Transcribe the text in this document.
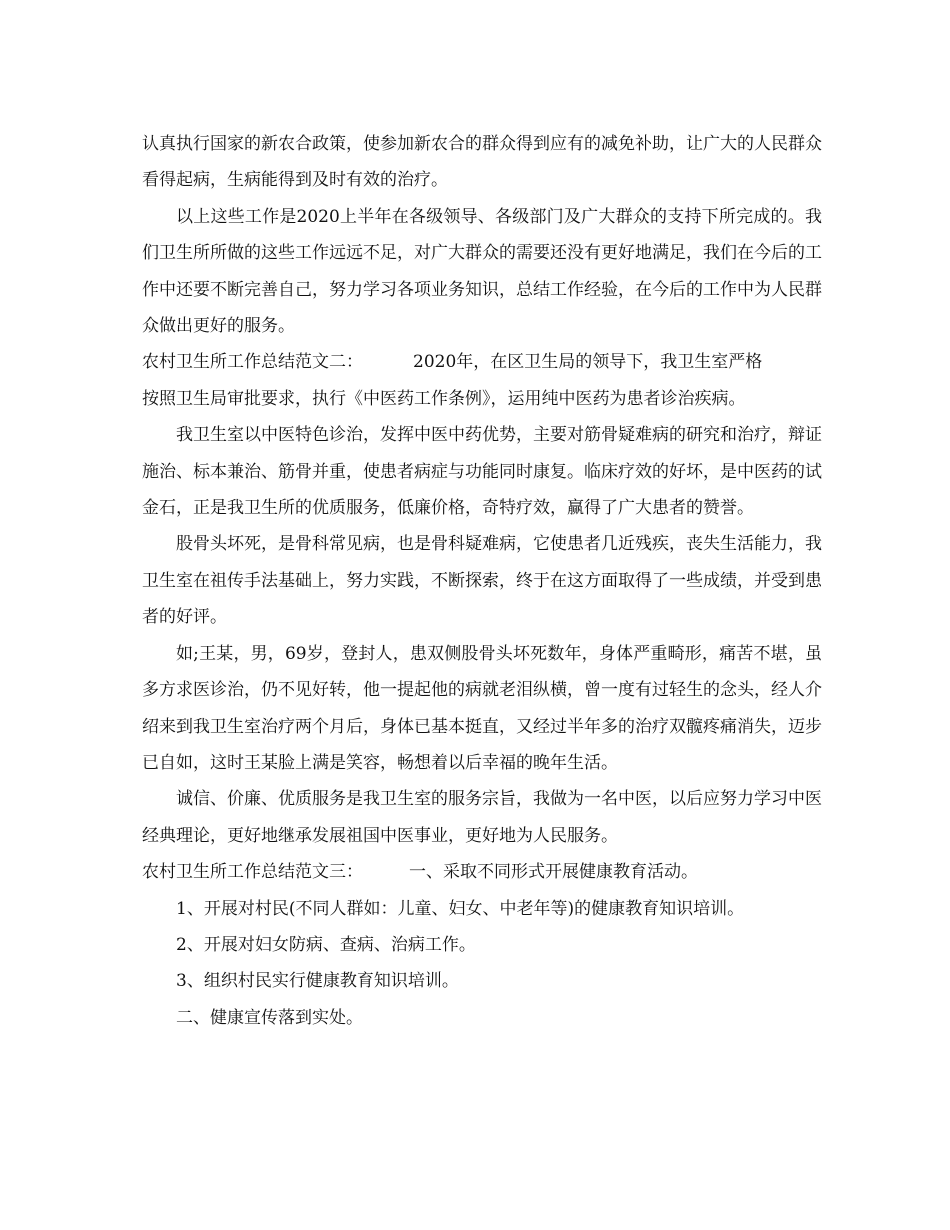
认真执行国家的新农合政策，使参加新农合的群众得到应有的减免补助，让广大的人民群众看得起病，生病能得到及时有效的治疗。

以上这些工作是2020上半年在各级领导、各级部门及广大群众的支持下所完成的。我们卫生所所做的这些工作远远不足，对广大群众的需要还没有更好地满足，我们在今后的工作中还要不断完善自己，努力学习各项业务知识，总结工作经验，在今后的工作中为人民群众做出更好的服务。

农村卫生所工作总结范文二：	2020年，在区卫生局的领导下，我卫生室严格

按照卫生局审批要求，执行《中医药工作条例》，运用纯中医药为患者诊治疾病。

我卫生室以中医特色诊治，发挥中医中药优势，主要对筋骨疑难病的研究和治疗，辩证施治、标本兼治、筋骨并重，使患者病症与功能同时康复。临床疗效的好坏，是中医药的试金石，正是我卫生所的优质服务，低廉价格，奇特疗效，赢得了广大患者的赞誉。

股骨头坏死，是骨科常见病，也是骨科疑难病，它使患者几近残疾，丧失生活能力，我卫生室在祖传手法基础上，努力实践，不断探索，终于在这方面取得了一些成绩，并受到患者的好评。

如;王某，男，69岁，登封人，患双侧股骨头坏死数年，身体严重畸形，痛苦不堪，虽多方求医诊治，仍不见好转，他一提起他的病就老泪纵横，曾一度有过轻生的念头，经人介绍来到我卫生室治疗两个月后，身体已基本挺直，又经过半年多的治疗双髋疼痛消失，迈步已自如，这时王某脸上满是笑容，畅想着以后幸福的晚年生活。

诚信、价廉、优质服务是我卫生室的服务宗旨，我做为一名中医，以后应努力学习中医经典理论，更好地继承发展祖国中医事业，更好地为人民服务。

农村卫生所工作总结范文三：	一、采取不同形式开展健康教育活动。

1、开展对村民(不同人群如：儿童、妇女、中老年等)的健康教育知识培训。

2、开展对妇女防病、查病、治病工作。

3、组织村民实行健康教育知识培训。

二、健康宣传落到实处。
